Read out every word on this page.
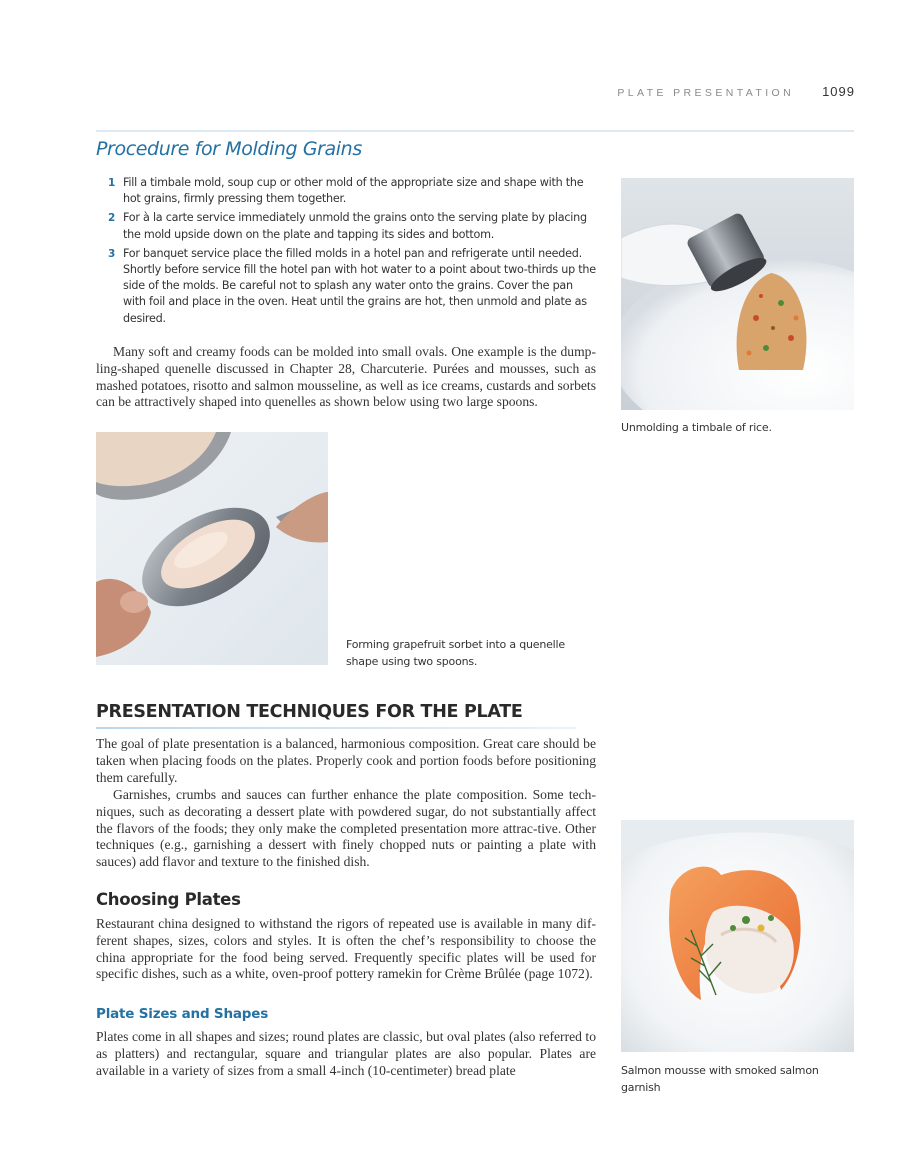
PLATE PRESENTATION 1099
Procedure for Molding Grains
1 Fill a timbale mold, soup cup or other mold of the appropriate size and shape with the hot grains, firmly pressing them together.
2 For à la carte service immediately unmold the grains onto the serving plate by placing the mold upside down on the plate and tapping its sides and bottom.
3 For banquet service place the filled molds in a hotel pan and refrigerate until needed. Shortly before service fill the hotel pan with hot water to a point about two-thirds up the side of the molds. Be careful not to splash any water onto the grains. Cover the pan with foil and place in the oven. Heat until the grains are hot, then unmold and plate as desired.

Unmolding a timbale of rice.

Many soft and creamy foods can be molded into small ovals. One example is the dump-ling-shaped quenelle discussed in Chapter 28, Charcuterie. Purées and mousses, such as mashed potatoes, risotto and salmon mousseline, as well as ice creams, custards and sorbets can be attractively shaped into quenelles as shown below using two large spoons.

Forming grapefruit sorbet into a quenelle shape using two spoons.

PRESENTATION TECHNIQUES FOR THE PLATE

The goal of plate presentation is a balanced, harmonious composition. Great care should be taken when placing foods on the plates. Properly cook and portion foods before positioning them carefully.

Garnishes, crumbs and sauces can further enhance the plate composition. Some tech-niques, such as decorating a dessert plate with powdered sugar, do not substantially affect the flavors of the foods; they only make the completed presentation more attrac-tive. Other techniques (e.g., garnishing a dessert with finely chopped nuts or painting a plate with sauces) add flavor and texture to the finished dish.

Choosing Plates

Restaurant china designed to withstand the rigors of repeated use is available in many dif-ferent shapes, sizes, colors and styles. It is often the chef’s responsibility to choose the china appropriate for the food being served. Frequently specific plates will be used for specific dishes, such as a white, oven-proof pottery ramekin for Crème Brûlée (page 1072).

Plate Sizes and Shapes

Plates come in all shapes and sizes; round plates are classic, but oval plates (also referred to as platters) and rectangular, square and triangular plates are also popular. Plates are available in a variety of sizes from a small 4-inch (10-centimeter) bread plate	Salmon mousse with smoked salmon garnish
